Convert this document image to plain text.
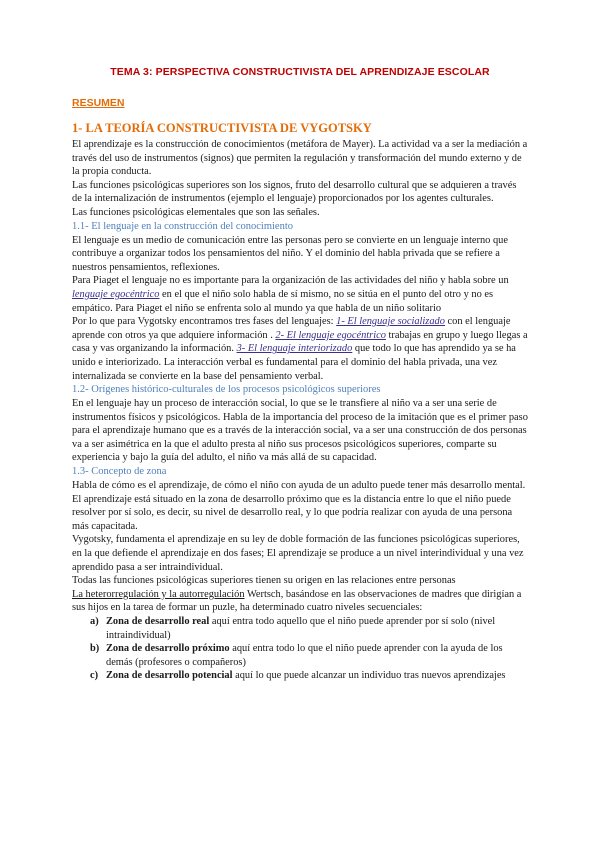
TEMA 3: PERSPECTIVA CONSTRUCTIVISTA DEL APRENDIZAJE ESCOLAR
RESUMEN
1- LA TEORÍA CONSTRUCTIVISTA DE VYGOTSKY

El aprendizaje es la construcción de conocimientos (metáfora de Mayer). La actividad va a ser la mediación a través del uso de instrumentos (signos) que permiten la regulación y transformación del mundo externo y de la propia conducta.

Las funciones psicológicas superiores son los signos, fruto del desarrollo cultural que se adquieren a través de la internalización de instrumentos (ejemplo el lenguaje) proporcionados por los agentes culturales.

Las funciones psicológicas elementales que son las señales.

1.1- El lenguaje en la construcción del conocimiento

El lenguaje es un medio de comunicación entre las personas pero se convierte en un lenguaje interno que contribuye a organizar todos los pensamientos del niño. Y el dominio del habla privada que se refiere a nuestros pensamientos, reflexiones.

Para Piaget el lenguaje no es importante para la organización de las actividades del niño y habla sobre un lenguaje egocéntrico en el que el niño solo habla de sí mismo, no se sitúa en el punto del otro y no es empático. Para Piaget el niño se enfrenta solo al mundo ya que habla de un niño solitario

Por lo que para Vygotsky encontramos tres fases del lenguajes: 1- El lenguaje socializado con el lenguaje aprende con otros ya que adquiere información . 2- El lenguaje egocéntrico trabajas en grupo y luego llegas a casa y vas organizando la información. 3- El lenguaje interiorizado que todo lo que has aprendido ya se ha unido e interiorizado. La interacción verbal es fundamental para el dominio del habla privada, una vez internalizada se convierte en la base del pensamiento verbal.

1.2- Orígenes histórico-culturales de los procesos psicológicos superiores

En el lenguaje hay un proceso de interacción social, lo que se le transfiere al niño va a ser una serie de instrumentos físicos y psicológicos. Habla de la importancia del proceso de la imitación que es el primer paso para el aprendizaje humano que es a través de la interacción social, va a ser una construcción de dos personas va a ser asimétrica en la que el adulto presta al niño sus procesos psicológicos superiores, comparte su experiencia y bajo la guía del adulto, el niño va más allá de su capacidad.

1.3- Concepto de zona

Habla de cómo es el aprendizaje, de cómo el niño con ayuda de un adulto puede tener más desarrollo mental. El aprendizaje está situado en la zona de desarrollo próximo que es la distancia entre lo que el niño puede resolver por sí solo, es decir, su nivel de desarrollo real, y lo que podría realizar con ayuda de una persona más capacitada.

Vygotsky, fundamenta el aprendizaje en su ley de doble formación de las funciones psicológicas superiores, en la que defiende el aprendizaje en dos fases; El aprendizaje se produce a un nivel interindividual y una vez aprendido pasa a ser intraindividual.

Todas las funciones psicológicas superiores tienen su origen en las relaciones entre personas

La heterorregulación y la autorregulación Wertsch, basándose en las observaciones de madres que dirigían a sus hijos en la tarea de formar un puzle, ha determinado cuatro niveles secuenciales:

a) Zona de desarrollo real aquí entra todo aquello que el niño puede aprender por sí solo (nivel intraindividual)
b) Zona de desarrollo próximo aquí entra todo lo que el niño puede aprender con la ayuda de los demás (profesores o compañeros)
c) Zona de desarrollo potencial aquí lo que puede alcanzar un individuo tras nuevos aprendizajes
